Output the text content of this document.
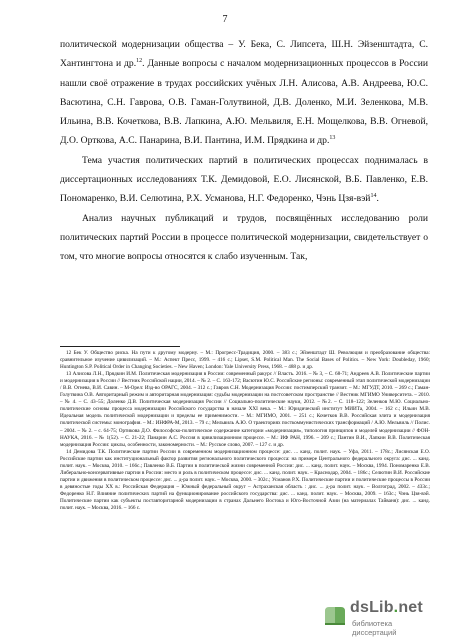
7

политической модернизации общества – У. Бека, С. Липсета, Ш.Н. Эйзенштадта, С. Хантингтона и др.$^{12}$. Данные вопросы с началом модернизационных процессов в России нашли своё отражение в трудах российских учёных Л.Н. Алисова, А.В. Андреева, Ю.С. Васютина, С.Н. Гаврова, О.В. Гаман-Голутвиной, Д.В. Доленко, М.И. Зеленкова, М.В. Ильина, В.В. Кочеткова, В.В. Лапкина, А.Ю. Мельвиля, Е.Н. Мощелкова, В.В. Огневой, Д.О. Орткова, А.С. Панарина, В.И. Пантина, И.М. Прядкина и др.$^{13}$

Тема участия политических партий в политических процессах поднималась в диссертационных исследованиях Т.К. Демидовой, Е.О. Лисянской, В.Б. Павленко, Е.В. Пономаренко, В.И. Селютина, Р.Х. Усманова, Н.Г. Федоренко, Чэнь Цзя-вэй$^{14}$.

Анализ научных публикаций и трудов, посвящённых исследованию роли политических партий России в процессе политической модернизации, свидетельствует о том, что многие вопросы относятся к слабо изученным. Так,

12 Бек У. Общество риска. На пути к другому модерну. – М.: Прогресс-Традиция, 2000. – 383 с.; Эйзенштадт Ш. Революция и преобразование общества: сравнительное изучение цивилизаций. – М.: Аспект Пресс, 1999. – 416 с.; Lipset, S.M. Political Man. The Social Bases of Politics. – New York: Doubleday, 1960; Huntington S.P. Political Order in Changing Societies. – New Haven; London: Yale University Press, 1968. – 488 p. и др.

13 Алисова Л.Н., Прядкин И.М. Политическая модернизация в России: современный ракурс // Власть. 2016. – № 3, – С. 68-71; Андреев А.В. Политические партии и модернизация в России // Вестник Российской нации, 2014. – № 2. – С. 163-172; Васютин Ю.С. Российские регионы: современный этап политической модернизации / В.В. Огнева, В.И. Савин. – М-Орел: Изд-во ОРАГС, 2004. – 312 с.; Гавров С.Н. Модернизация России: постимперский транзит. – М.: МГУДТ, 2010. – 269 с.; Гаман-Голутвина О.В. Авторитарный режим и авторитарная модернизация: судьбы модернизации на постсоветском пространстве // Вестник МГИМО Университета. – 2010. – № 4. – С. 43–55; Доленко Д.В. Политическая модернизация России // Социально-политические науки, 2012. – №2. – С. 118–122; Зеленков М.Ю. Социально-политические основы процесса модернизации Российского государства в начале XXI века. – М.: Юридический институт МИИТа, 2004. – 162 с.; Ильин М.В. Идеальная модель политической модернизации и пределы ее применимости. – М.: МГИМО, 2001. – 251 с.; Кочетков В.В. Российская элита и модернизация политической системы: монография. – М.: ИНФРА-М, 2013. – 79 с.; Мельвиль А.Ю. О траекториях посткоммунистических трансформаций / А.Ю. Мельвиль // Полис. – 2004. – № 2. – с. 64-75; Ортикова Д.О. Философско-политическое содержание категории «модернизация», типология принципов и моделей модернизации // ФОН-НАУКА, 2016. – № 1(52). – С. 21-22; Панарин А.С. Россия в цивилизационном процессе. – М.: ИФ РАН, 1996. – 209 с.; Пантин В.И., Лапкин В.В. Политическая модернизация России: циклы, особенности, закономерности. – М.: Русское слово, 2007. – 127 с. и др.

14 Демидова Т.К. Политические партии России в современном модернизационном процессе: дис. ... канд. полит. наук. – Уфа, 2011. – 178с.; Лисянская Е.О. Российские партии как институциональный фактор развития регионального политического процесса: на примере Центрального федерального округа: дис. ... канд. полит. наук. – Москва, 2010. – 166с.; Павленко В.Б. Партии в политической жизни современной России: дис. ... канд. полит. наук. – Москва, 1994. Пономаренко Е.В. Либерально-консервативные партии в России: место и роль в политическом процессе: дис. ... канд. полит. наук. – Краснодар, 2004. – 186с.; Селютин В.И. Российские партии и движения в политическом процессе: дис. ... д-ра полит. наук. – Москва, 2000. – 302с.; Усманов Р.Х. Политические партии и политические процессы в России в девяностые годы XX в.: Российская Федерация – Южный федеральный округ – Астраханская область : дис. ... д-ра полит. наук. – Волгоград, 2002. – 433с.; Федоренко Н.Г. Влияние политических партий на функционирование российского государства: дис. ... канд. полит. наук. – Москва, 2009. – 163с.; Чэнь Цзя-вэй. Политические партии как субъекты поставторитарной модернизации в странах Дальнего Востока и Юго-Восточной Азии (на материалах Тайваня): дис. ... канд. полит. наук. – Москва, 2016. – 166 с.

dsLib.net
библиотека диссертаций
